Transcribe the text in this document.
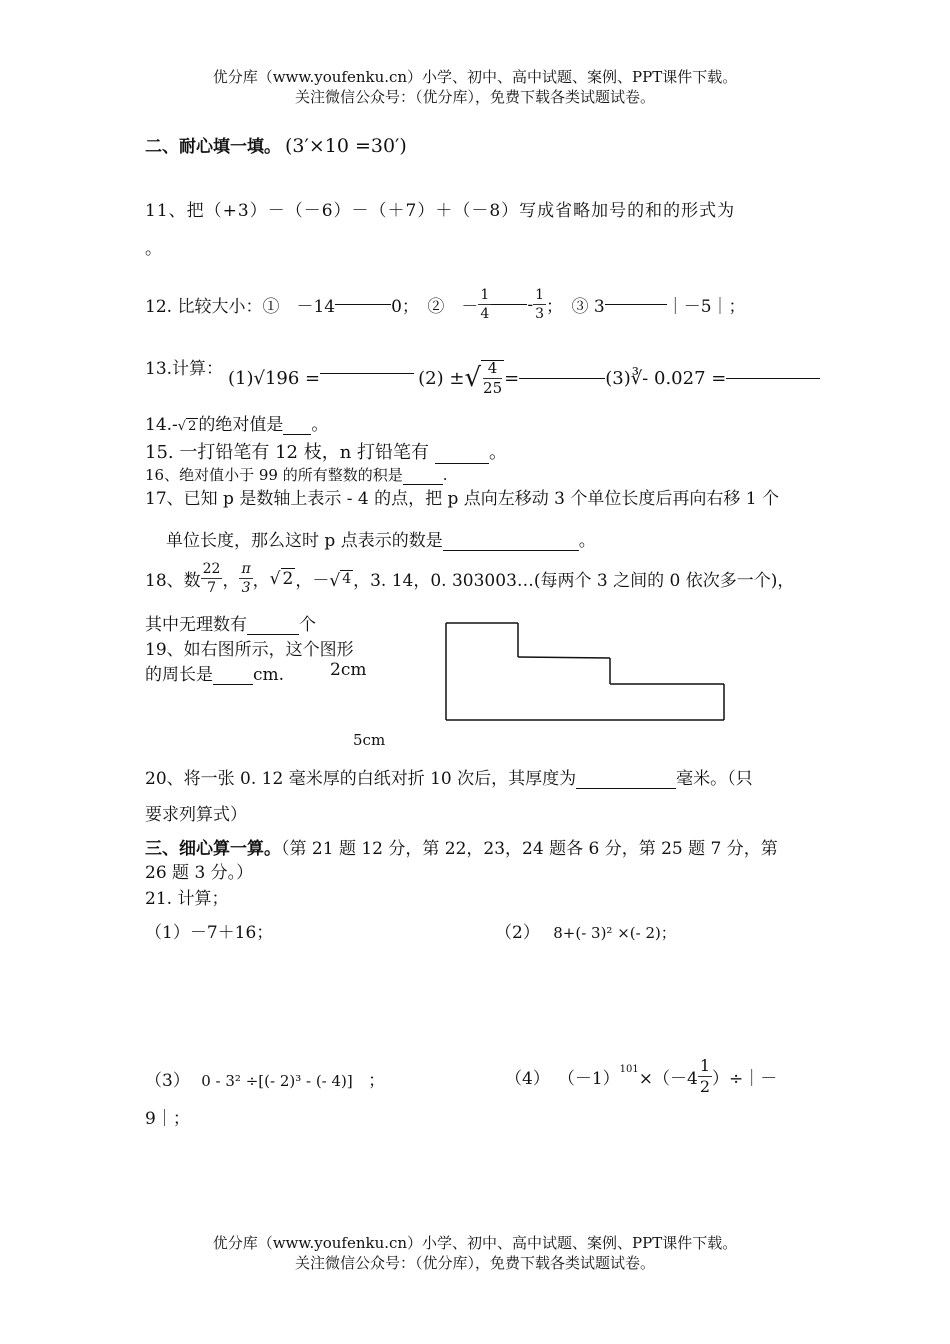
优分库（www.youfenku.cn）小学、初中、高中试题、案例、PPT课件下载。
关注微信公众号：（优分库），免费下载各类试题试卷。
二、耐心填一填。 (3′×10 =30′)
11、把（+3）－（－6）－（＋7）＋（－8）写成省略加号的和的形式为
。
12. 比较大小：①　－14	0；　②　－ $\frac{1}{4} - \frac{1}{3}$ ；　③ 3	｜－5｜；
13.计算： (1)√196 =	(2) ± √ $\frac{4}{25}$ =	(3)∛- 0.027 =
14.-√ 2 的绝对值是 。
15. 一打铅笔有 12 枝，n 打铅笔有	。
16、绝对值小于 99 的所有整数的积是	.
17、已知 p 是数轴上表示 - 4 的点，把 p 点向左移动 3 个单位长度后再向右移 1 个
单位长度，那么这时 p 点表示的数是	。
18、数 $\frac{22}{7}$ ， $\frac{\pi}{3}$ ， √ 2 ，－√ 4 ，3. 14，0. 303003…(每两个 3 之间的 0 依次多一个)，
其中无理数有	个
19、如右图所示，这个图形
的周长是 cm.	2cm
5cm
20、将一张 0. 12 毫米厚的白纸对折 10 次后，其厚度为	毫米。（只
要求列算式）
三、细心算一算。（第 21 题 12 分，第 22，23，24 题各 6 分，第 25 题 7 分，第
26 题 3 分。）
21. 计算；
（1）－7＋16；	（2） 8+(- 3)² ×(- 2)；
（3） 0 - 3² ÷[(- 2)³ - (- 4)] ；	（4） $(-1)^{101} \times(-4 \frac{1}{2}$ ）÷｜－
9｜；
优分库（www.youfenku.cn）小学、初中、高中试题、案例、PPT课件下载。
关注微信公众号：（优分库），免费下载各类试题试卷。
